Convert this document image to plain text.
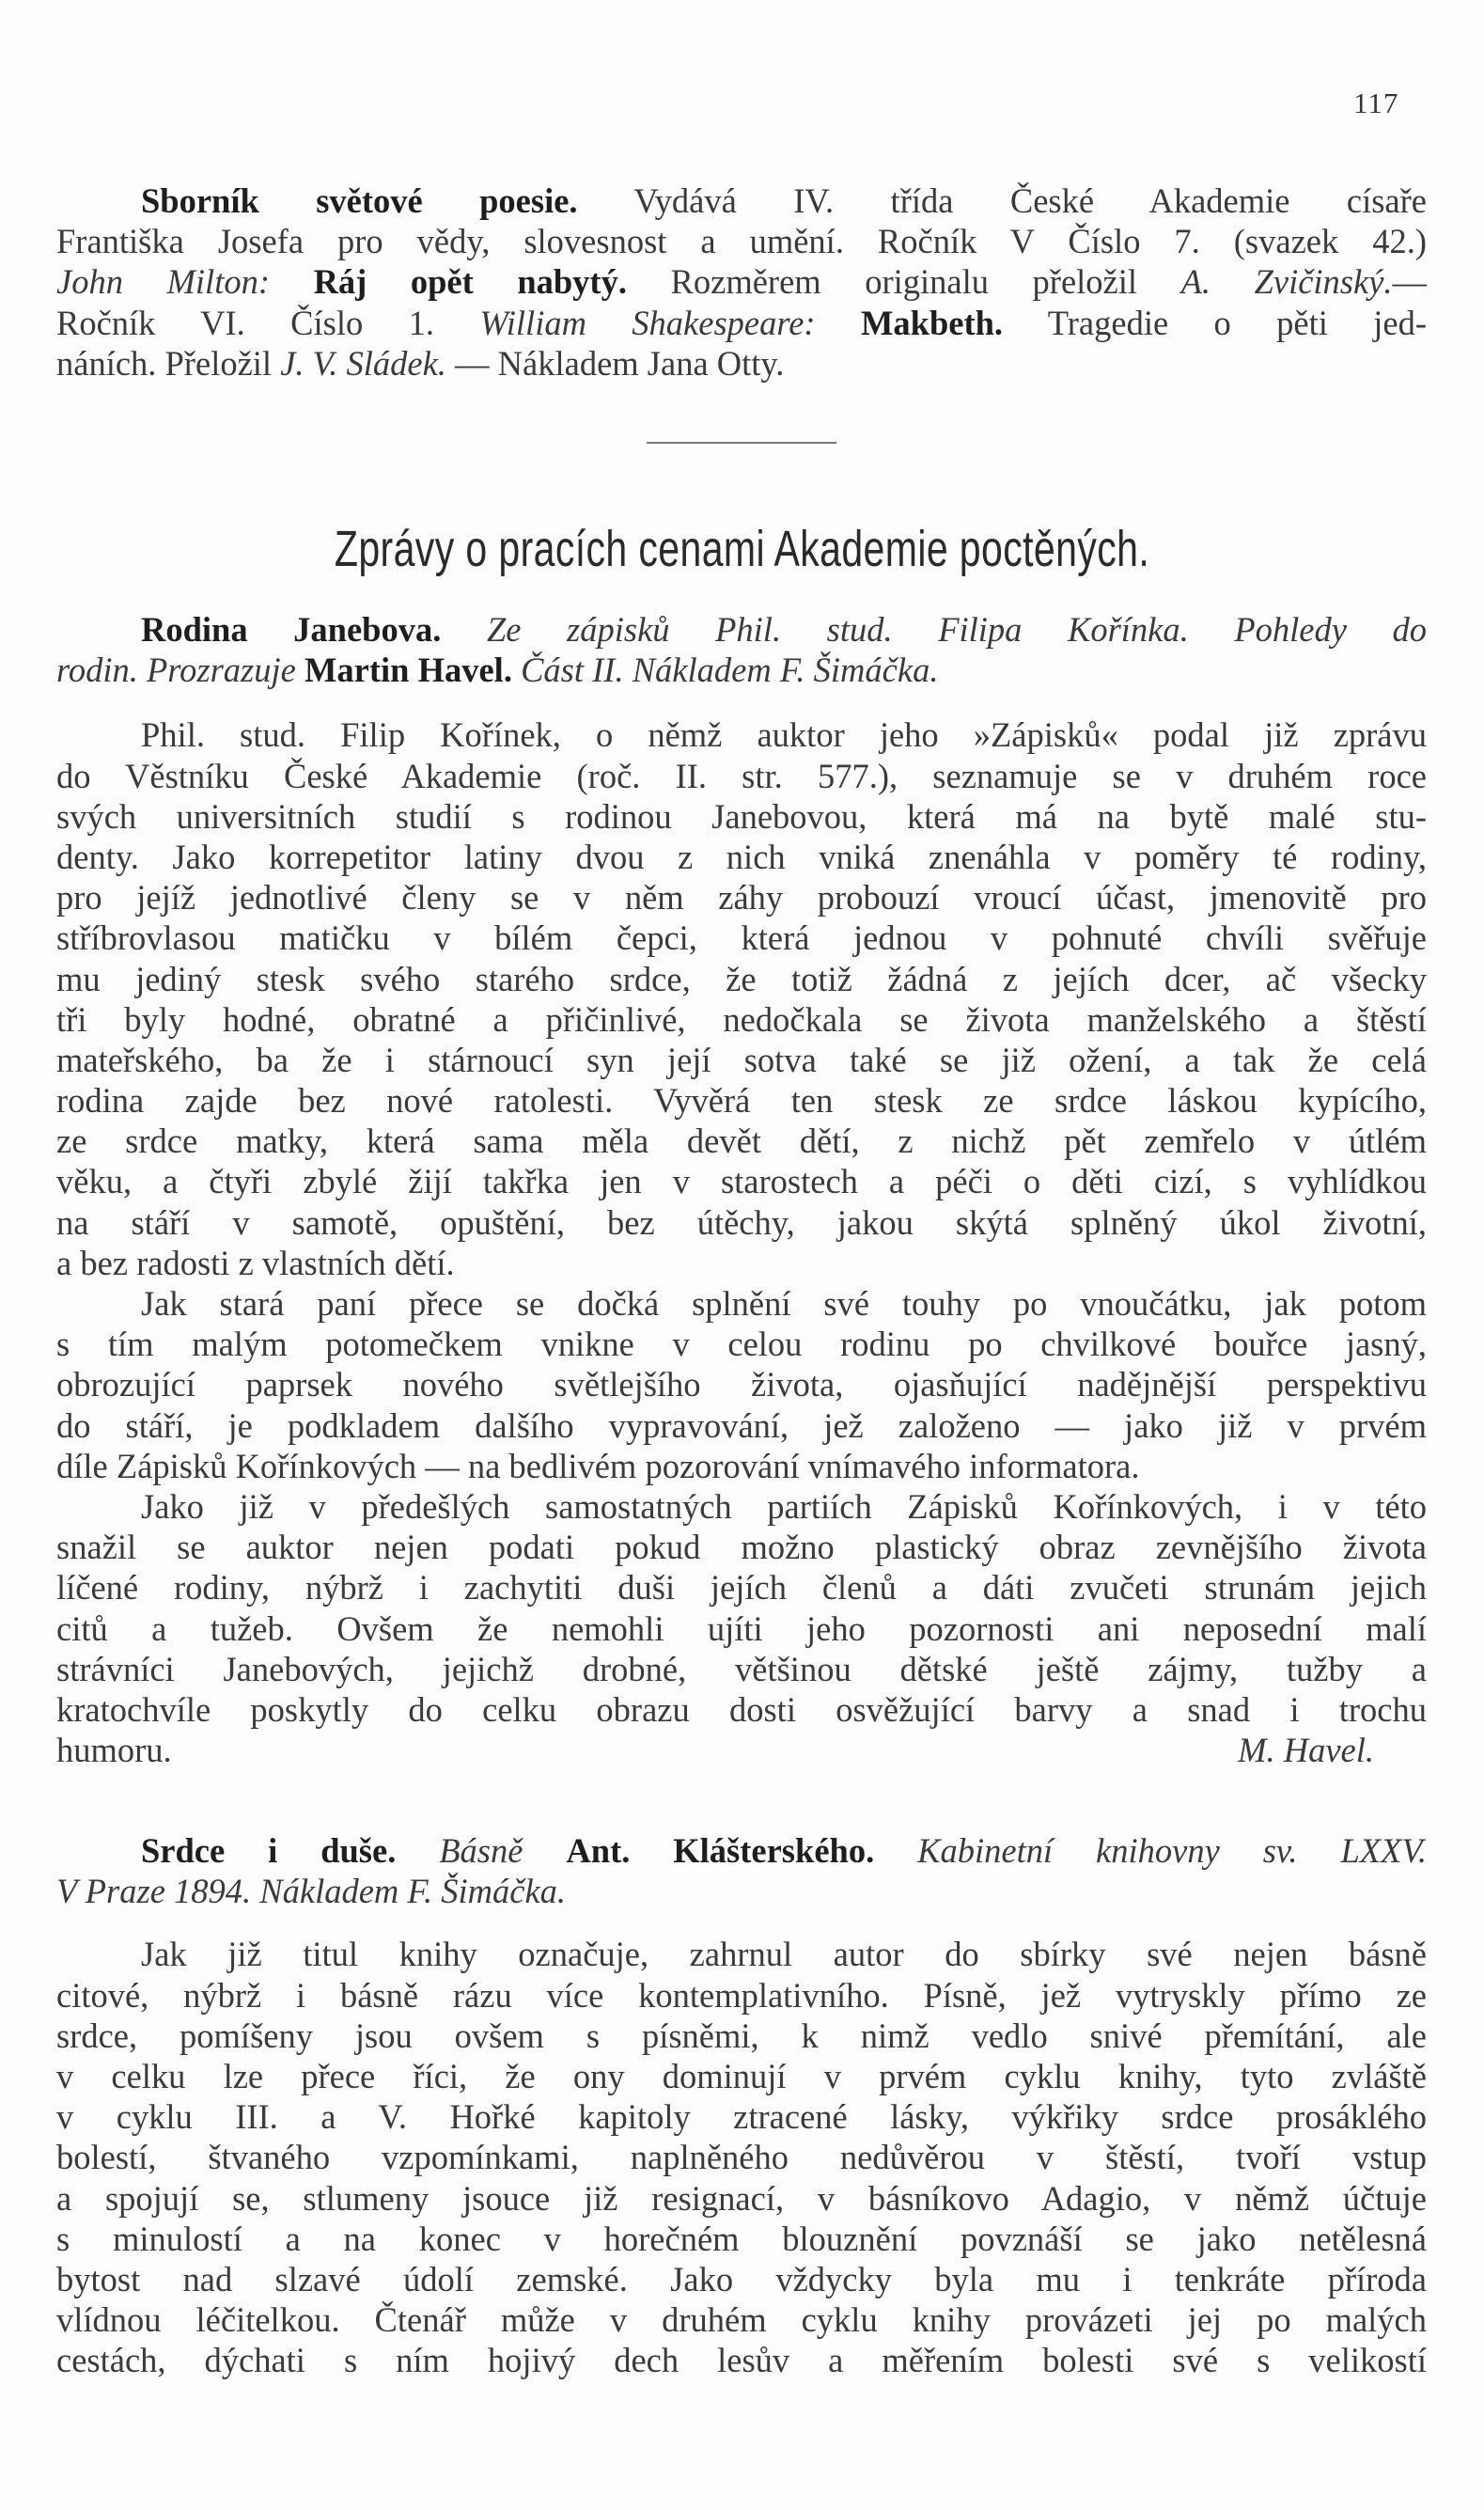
117
Sborník světové poesie. Vydává IV. třída České Akademie císaře
Františka Josefa pro vědy, slovesnost a umění. Ročník V Číslo 7. (svazek 42.)
John Milton: Ráj opět nabytý. Rozměrem originalu přeložil A. Zvičinský.—
Ročník VI. Číslo 1. William Shakespeare: Makbeth. Tragedie o pěti jed-
náních. Přeložil J. V. Sládek. — Nákladem Jana Otty.
Zprávy o pracích cenami Akademie poctěných.
Rodina Janebova. Ze zápisků Phil. stud. Filipa Kořínka. Pohledy do
rodin. Prozrazuje Martin Havel. Část II. Nákladem F. Šimáčka.
Phil. stud. Filip Kořínek, o němž auktor jeho »Zápisků« podal již zprávu
do Věstníku České Akademie (roč. II. str. 577.), seznamuje se v druhém roce
svých universitních studií s rodinou Janebovou, která má na bytě malé stu-
denty. Jako korrepetitor latiny dvou z nich vniká znenáhla v poměry té rodiny,
pro jejíž jednotlivé členy se v něm záhy probouzí vroucí účast, jmenovitě pro
stříbrovlasou matičku v bílém čepci, která jednou v pohnuté chvíli svěřuje
mu jediný stesk svého starého srdce, že totiž žádná z jejích dcer, ač všecky
tři byly hodné, obratné a přičinlivé, nedočkala se života manželského a štěstí
mateřského, ba že i stárnoucí syn její sotva také se již ožení, a tak že celá
rodina zajde bez nové ratolesti. Vyvěrá ten stesk ze srdce láskou kypícího,
ze srdce matky, která sama měla devět dětí, z nichž pět zemřelo v útlém
věku, a čtyři zbylé žijí takřka jen v starostech a péči o děti cizí, s vyhlídkou
na stáří v samotě, opuštění, bez útěchy, jakou skýtá splněný úkol životní,
a bez radosti z vlastních dětí.
Jak stará paní přece se dočká splnění své touhy po vnoučátku, jak potom
s tím malým potomečkem vnikne v celou rodinu po chvilkové bouřce jasný,
obrozující paprsek nového světlejšího života, ojasňující nadějnější perspektivu
do stáří, je podkladem dalšího vypravování, jež založeno — jako již v prvém
díle Zápisků Kořínkových — na bedlivém pozorování vnímavého informatora.
Jako již v předešlých samostatných partiích Zápisků Kořínkových, i v této
snažil se auktor nejen podati pokud možno plastický obraz zevnějšího života
líčené rodiny, nýbrž i zachytiti duši jejích členů a dáti zvučeti strunám jejich
citů a tužeb. Ovšem že nemohli ujíti jeho pozornosti ani neposední malí
strávníci Janebových, jejichž drobné, většinou dětské ještě zájmy, tužby a
kratochvíle poskytly do celku obrazu dosti osvěžující barvy a snad i trochu
humoru.	M. Havel.
Srdce i duše. Básně Ant. Klášterského. Kabinetní knihovny sv. LXXV.
V Praze 1894. Nákladem F. Šimáčka.
Jak již titul knihy označuje, zahrnul autor do sbírky své nejen básně
citové, nýbrž i básně rázu více kontemplativního. Písně, jež vytryskly přímo ze
srdce, pomíšeny jsou ovšem s písněmi, k nimž vedlo snivé přemítání, ale
v celku lze přece říci, že ony dominují v prvém cyklu knihy, tyto zvláště
v cyklu III. a V. Hořké kapitoly ztracené lásky, výkřiky srdce prosáklého
bolestí, štvaného vzpomínkami, naplněného nedůvěrou v štěstí, tvoří vstup
a spojují se, stlumeny jsouce již resignací, v básníkovo Adagio, v němž účtuje
s minulostí a na konec v horečném blouznění povznáší se jako netělesná
bytost nad slzavé údolí zemské. Jako vždycky byla mu i tenkráte příroda
vlídnou léčitelkou. Čtenář může v druhém cyklu knihy provázeti jej po malých
cestách, dýchati s ním hojivý dech lesův a měřením bolesti své s velikostí
